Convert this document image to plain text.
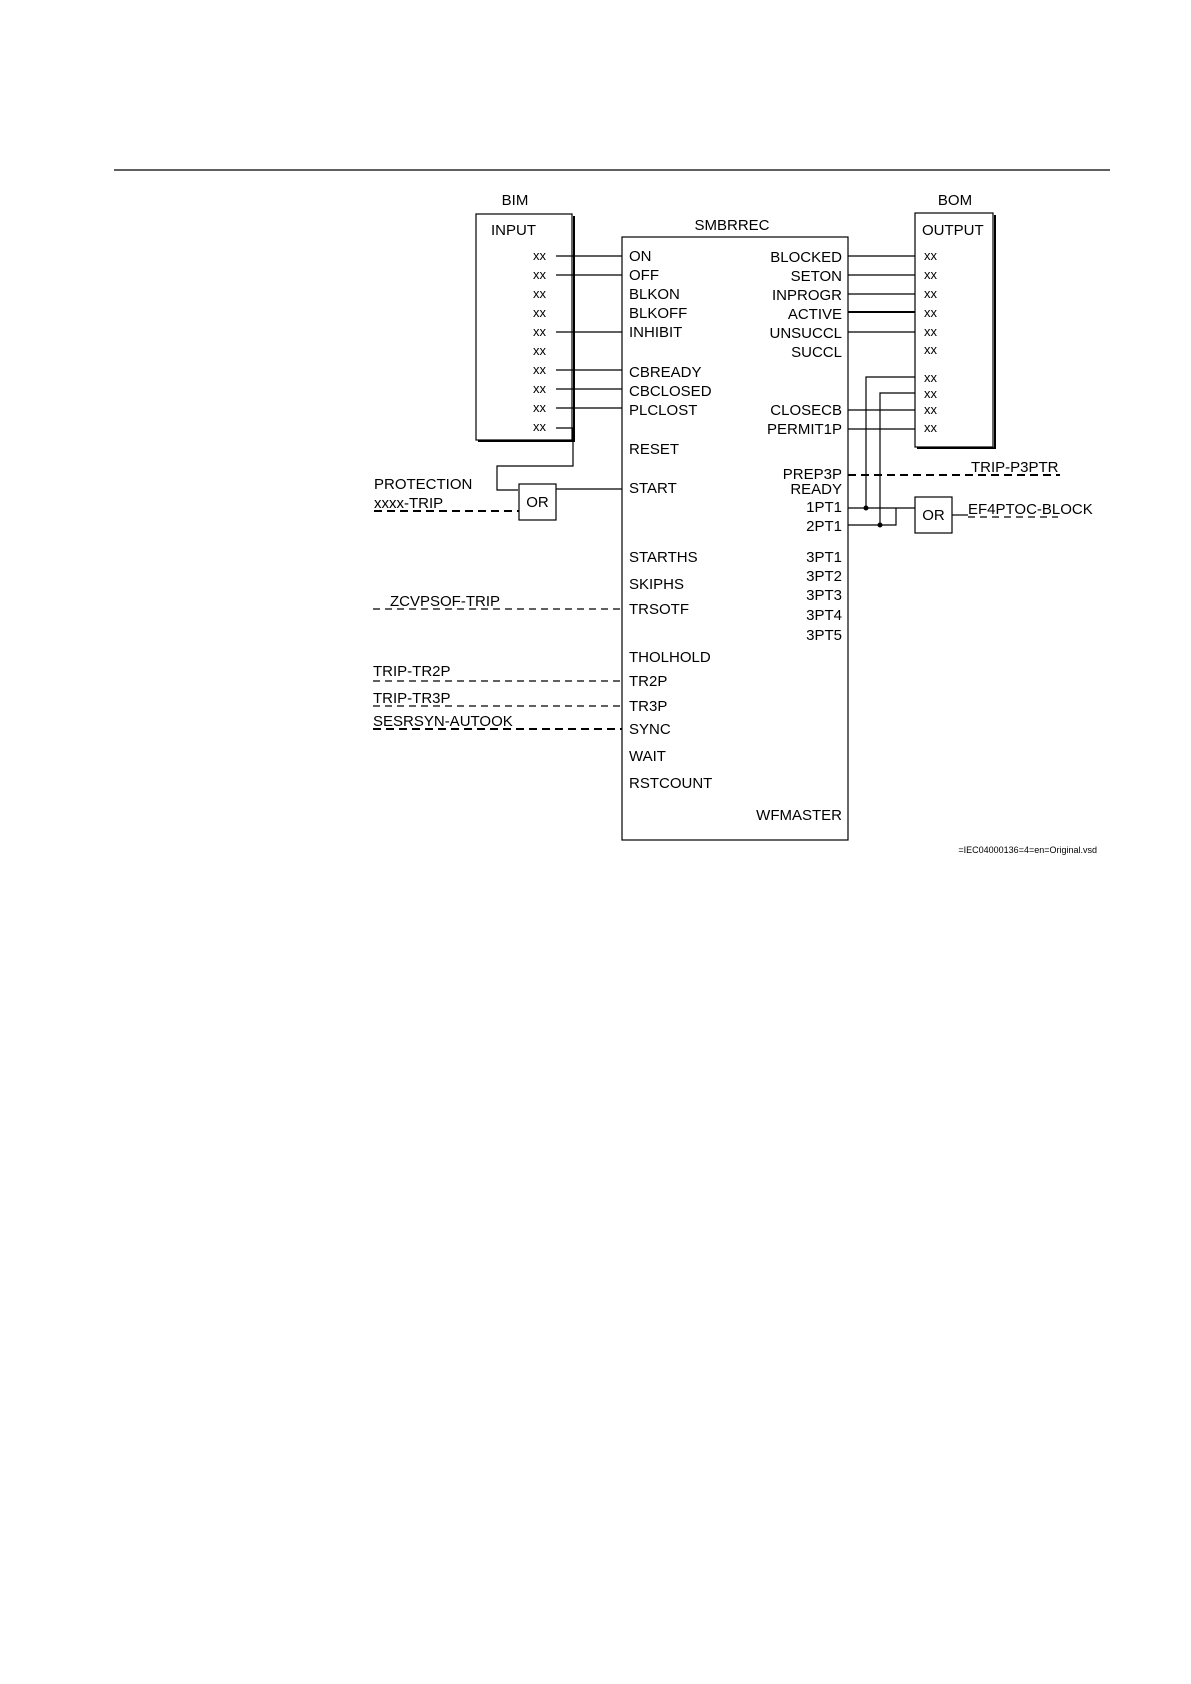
BIM
INPUT
xx
xx
xx
xx
xx
xx
xx
xx
xx
xx
SMBRREC
ON
OFF
BLKON
BLKOFF
INHIBIT
CBREADY
CBCLOSED
PLCLOST
RESET
START
STARTHS
SKIPHS
TRSOTF
THOLHOLD
TR2P
TR3P
SYNC
WAIT
RSTCOUNT
BLOCKED
SETON
INPROGR
ACTIVE
UNSUCCL
SUCCL
CLOSECB
PERMIT1P
PREP3P
READY
1PT1
2PT1
3PT1
3PT2
3PT3
3PT4
3PT5
WFMASTER
BOM
OUTPUT
xx
xx
xx
xx
xx
xx
xx
xx
xx
xx
OR
PROTECTION
xxxx-TRIP
ZCVPSOF-TRIP
TRIP-TR2P
TRIP-TR3P
SESRSYN-AUTOOK
TRIP-P3PTR
OR EF4PTOC-BLOCK
=IEC04000136=4=en=Original.vsd
